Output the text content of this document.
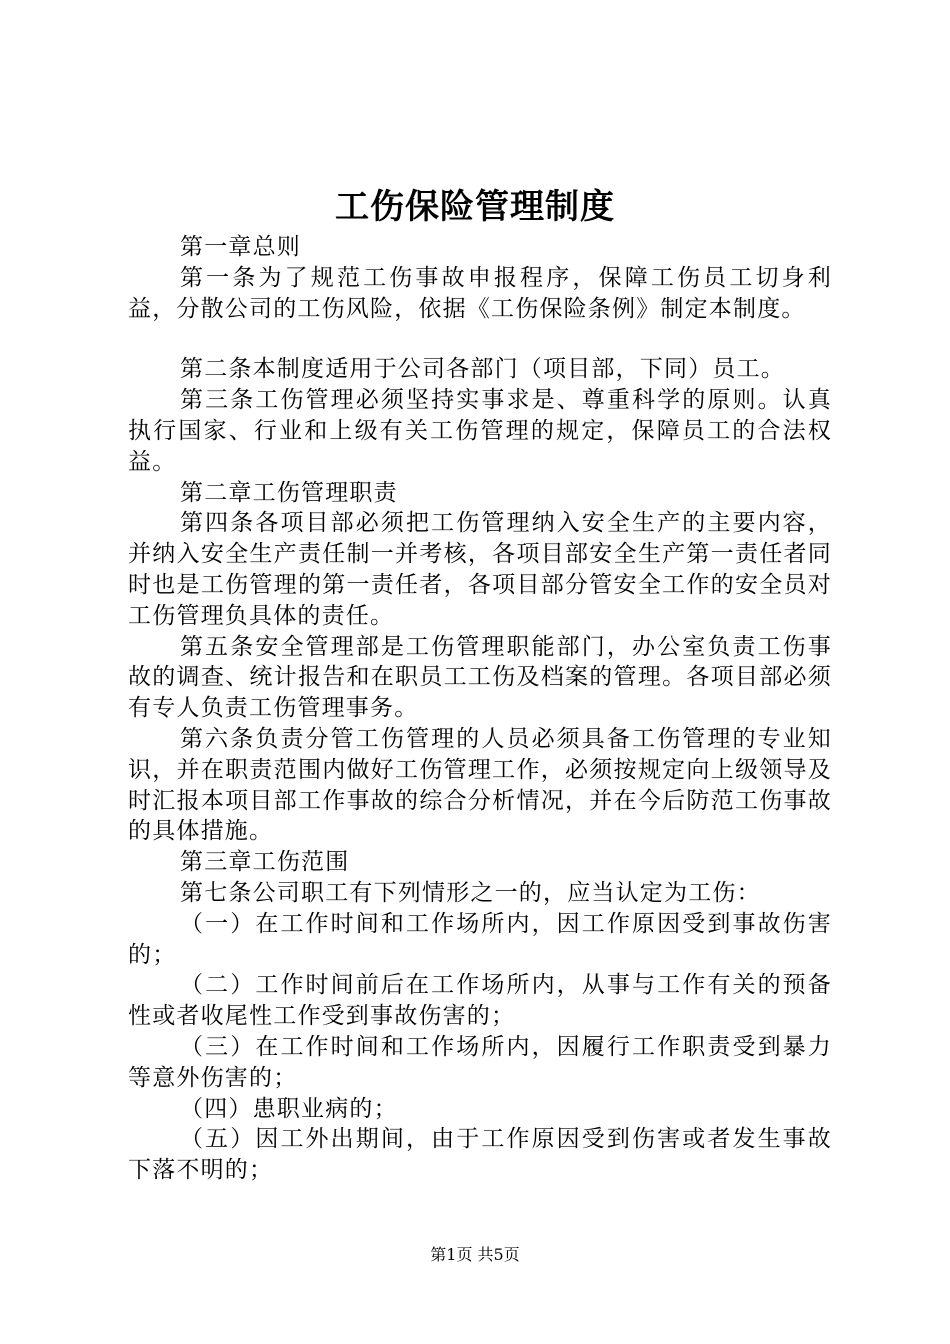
工伤保险管理制度

第一章总则

第一条为了规范工伤事故申报程序，保障工伤员工切身利益，分散公司的工伤风险，依据《工伤保险条例》制定本制度。

第二条本制度适用于公司各部门（项目部，下同）员工。

第三条工伤管理必须坚持实事求是、尊重科学的原则。认真执行国家、行业和上级有关工伤管理的规定，保障员工的合法权益。

第二章工伤管理职责

第四条各项目部必须把工伤管理纳入安全生产的主要内容，并纳入安全生产责任制一并考核，各项目部安全生产第一责任者同时也是工伤管理的第一责任者，各项目部分管安全工作的安全员对工伤管理负具体的责任。

第五条安全管理部是工伤管理职能部门，办公室负责工伤事故的调查、统计报告和在职员工工伤及档案的管理。各项目部必须有专人负责工伤管理事务。

第六条负责分管工伤管理的人员必须具备工伤管理的专业知识，并在职责范围内做好工伤管理工作，必须按规定向上级领导及时汇报本项目部工作事故的综合分析情况，并在今后防范工伤事故的具体措施。

第三章工伤范围

第七条公司职工有下列情形之一的，应当认定为工伤：

（一）在工作时间和工作场所内，因工作原因受到事故伤害的；

（二）工作时间前后在工作场所内，从事与工作有关的预备性或者收尾性工作受到事故伤害的；

（三）在工作时间和工作场所内，因履行工作职责受到暴力等意外伤害的；

（四）患职业病的；

（五）因工外出期间，由于工作原因受到伤害或者发生事故下落不明的；

第1页 共5页
